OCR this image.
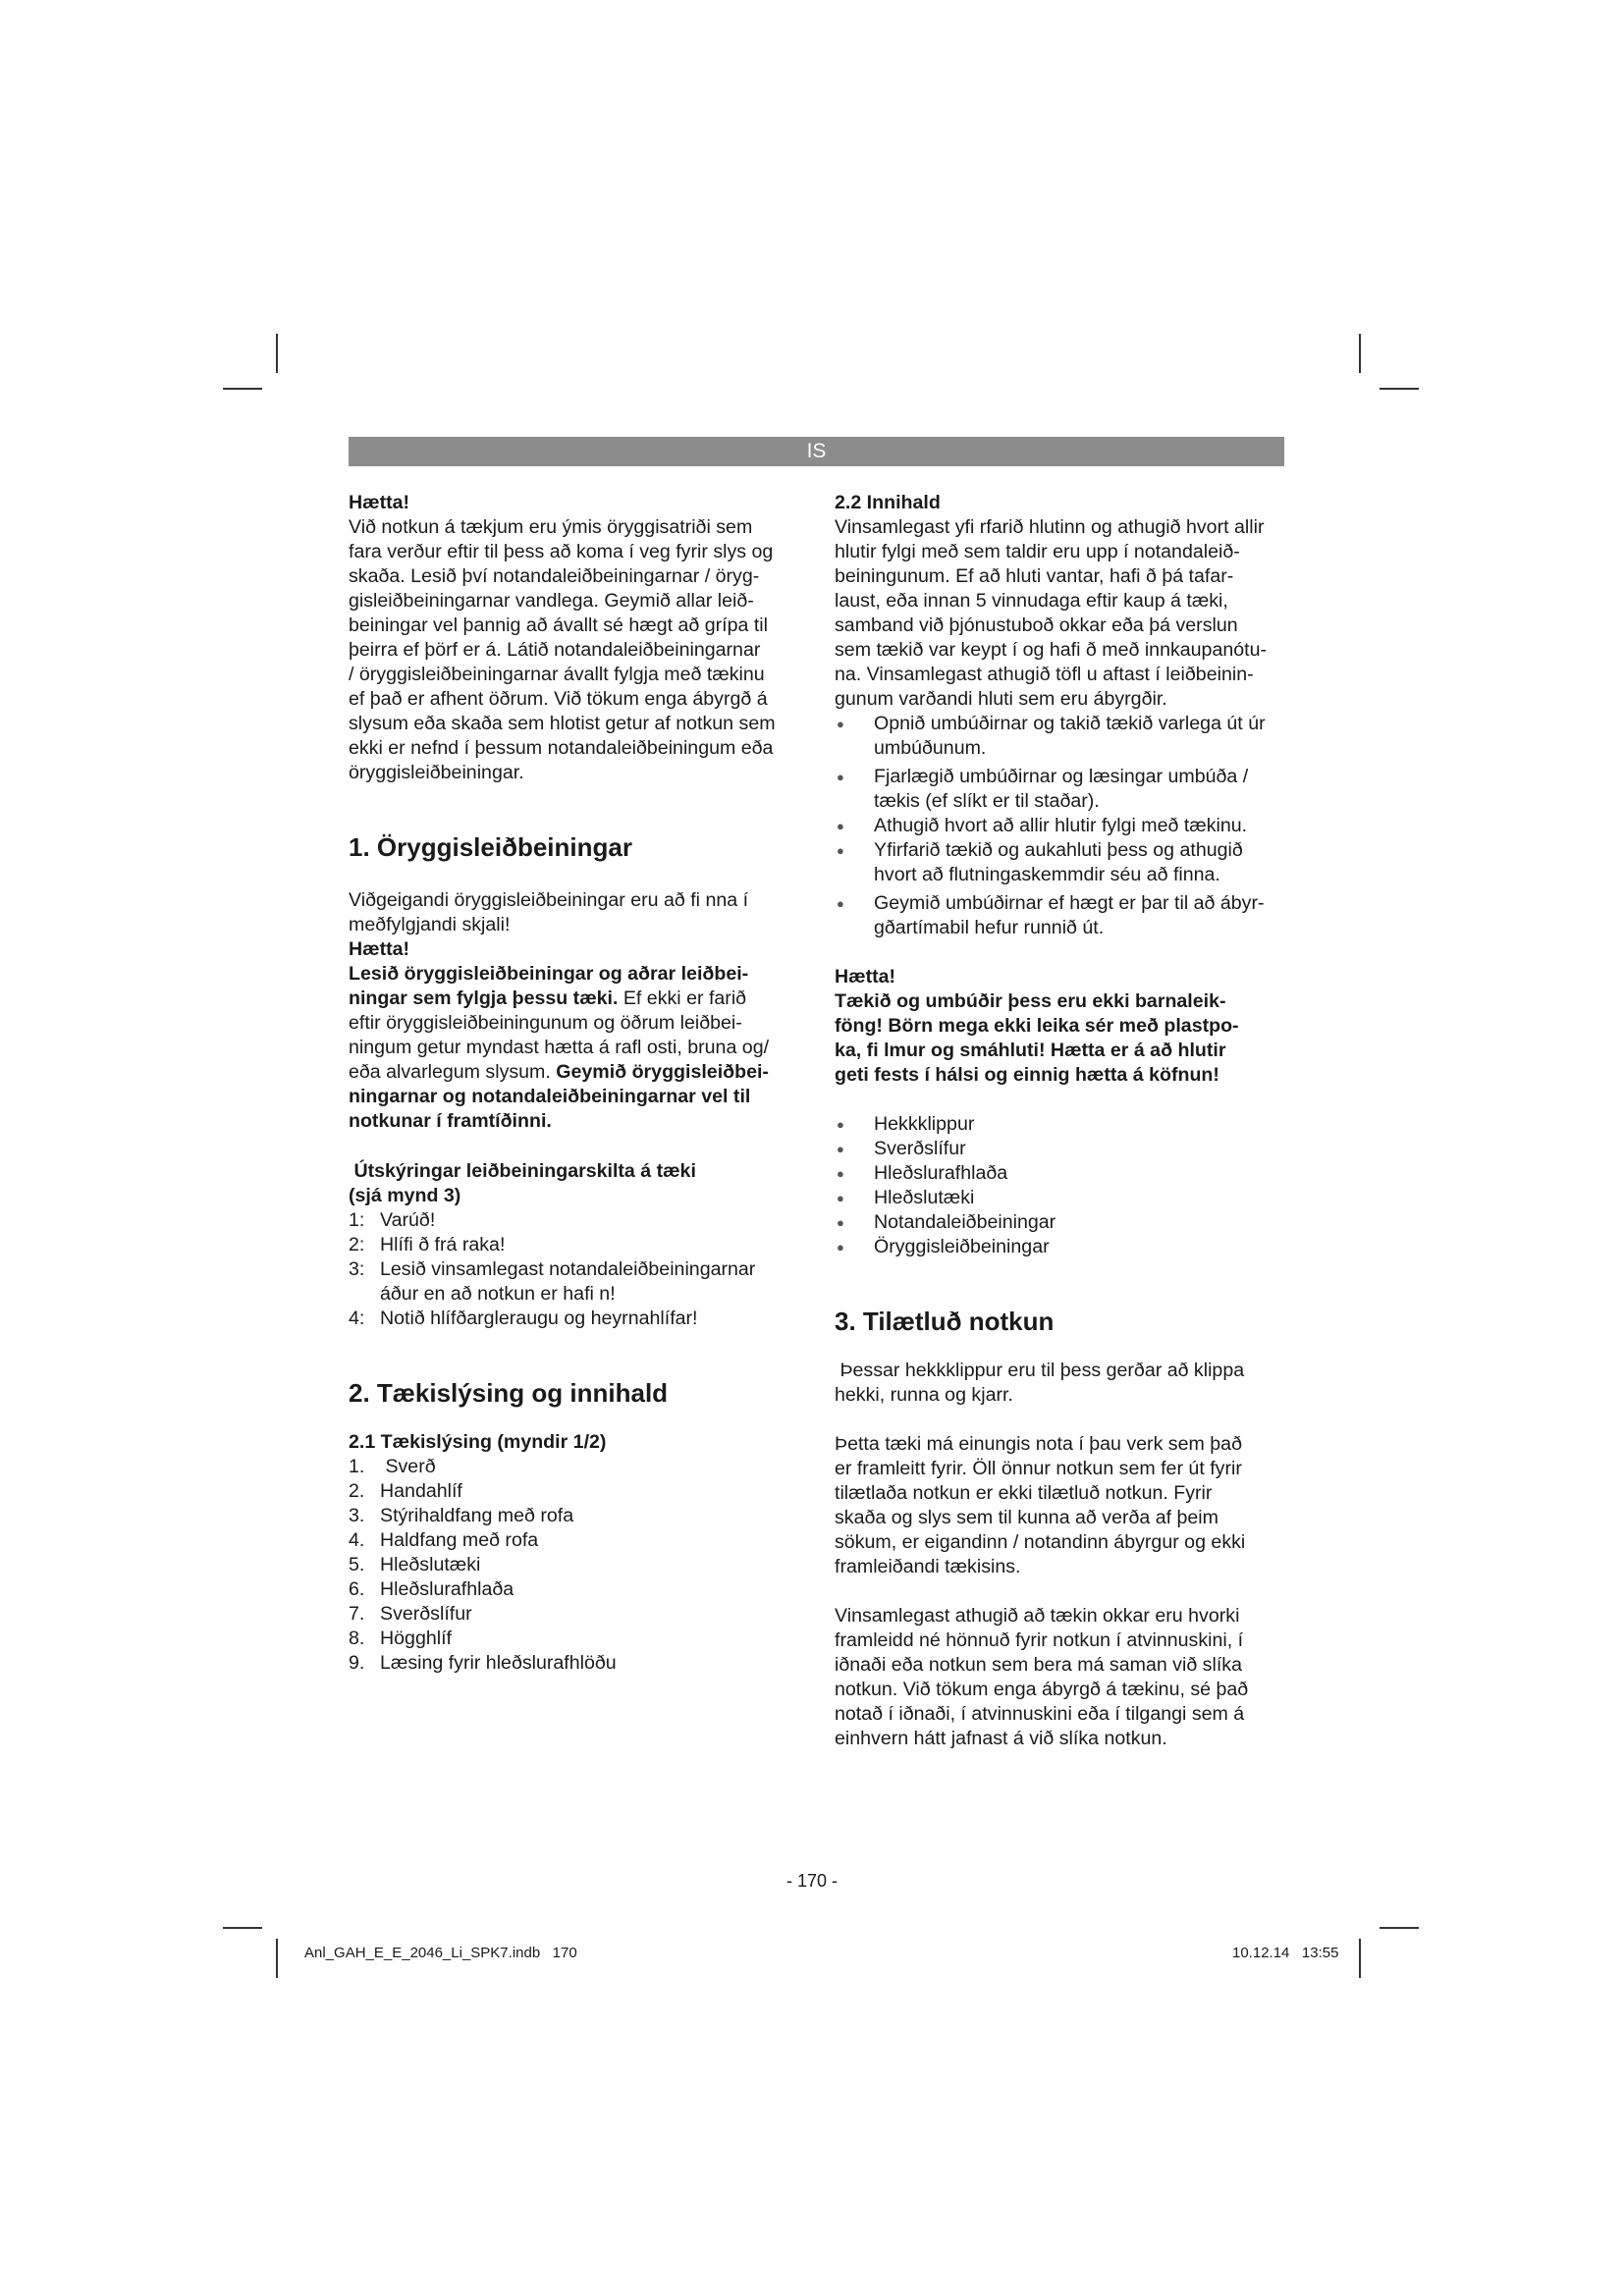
IS

Hætta!

Við notkun á tækjum eru ýmis öryggisatriði sem

fara verður eftir til þess að koma í veg fyrir slys og

skaða. Lesið því notandaleiðbeiningarnar / öryg-

gisleiðbeiningarnar vandlega. Geymið allar leið-

beiningar vel þannig að ávallt sé hægt að grípa til

þeirra ef þörf er á. Látið notandaleiðbeiningarnar

/ öryggisleiðbeiningarnar ávallt fylgja með tækinu

ef það er afhent öðrum. Við tökum enga ábyrgð á

slysum eða skaða sem hlotist getur af notkun sem

ekki er nefnd í þessum notandaleiðbeiningum eða

öryggisleiðbeiningar.

1. Öryggisleiðbeiningar

Viðgeigandi öryggisleiðbeiningar eru að fi nna í

meðfylgjandi skjali!

Hætta!

Lesið öryggisleiðbeiningar og aðrar leiðbei-

ningar sem fylgja þessu tæki. Ef ekki er farið

eftir öryggisleiðbeiningunum og öðrum leiðbei-

ningum getur myndast hætta á rafl osti, bruna og/

eða alvarlegum slysum. Geymið öryggisleiðbei-

ningarnar og notandaleiðbeiningarnar vel til

notkunar í framtíðinni.

Útskýringar leiðbeiningarskilta á tæki

(sjá mynd 3)

1: Varúð!
2: Hlífi ð frá raka!
3: Lesið vinsamlegast notandaleiðbeiningarnar
áður en að notkun er hafi n!
4: Notið hlífðargleraugu og heyrnahlífar!
2. Tækislýsing og innihald

2.1 Tækislýsing (myndir 1/2)

1. Sverð
2. Handahlíf
3. Stýrihaldfang með rofa
4. Haldfang með rofa
5. Hleðslutæki
6. Hleðslurafhlaða
7. Sverðslífur
8. Högghlíf
9. Læsing fyrir hleðslurafhlöðu

2.2 Innihald

Vinsamlegast yfi rfarið hlutinn og athugið hvort allir

hlutir fylgi með sem taldir eru upp í notandaleið-

beiningunum. Ef að hluti vantar, hafi ð þá tafar-

laust, eða innan 5 vinnudaga eftir kaup á tæki,

samband við þjónustuboð okkar eða þá verslun

sem tækið var keypt í og hafi ð með innkaupanótu-

na. Vinsamlegast athugið töfl u aftast í leiðbeinin-

gunum varðandi hluti sem eru ábyrgðir.

● Opnið umbúðirnar og takið tækið varlega út úr
umbúðunum.
● Fjarlægið umbúðirnar og læsingar umbúða /
tækis (ef slíkt er til staðar).
● Athugið hvort að allir hlutir fylgi með tækinu.
● Yfirfarið tækið og aukahluti þess og athugið
hvort að flutningaskemmdir séu að finna.
● Geymið umbúðirnar ef hægt er þar til að ábyr-
gðartímabil hefur runnið út.

Hætta!

Tækið og umbúðir þess eru ekki barnaleik-

föng! Börn mega ekki leika sér með plastpo-

ka, fi lmur og smáhluti! Hætta er á að hlutir

geti fests í hálsi og einnig hætta á köfnun!

● Hekkklippur
● Sverðslífur
● Hleðslurafhlaða
● Hleðslutæki
● Notandaleiðbeiningar
● Öryggisleiðbeiningar
3. Tilætluð notkun

Þessar hekkklippur eru til þess gerðar að klippa

hekki, runna og kjarr.

Þetta tæki má einungis nota í þau verk sem það

er framleitt fyrir. Öll önnur notkun sem fer út fyrir

tilætlaða notkun er ekki tilætluð notkun. Fyrir

skaða og slys sem til kunna að verða af þeim

sökum, er eigandinn / notandinn ábyrgur og ekki

framleiðandi tækisins.

Vinsamlegast athugið að tækin okkar eru hvorki

framleidd né hönnuð fyrir notkun í atvinnuskini, í

iðnaði eða notkun sem bera má saman við slíka

notkun. Við tökum enga ábyrgð á tækinu, sé það

notað í iðnaði, í atvinnuskini eða í tilgangi sem á

einhvern hátt jafnast á við slíka notkun.

- 170 -
Anl_GAH_E_E_2046_Li_SPK7.indb   170	10.12.14   13:55
